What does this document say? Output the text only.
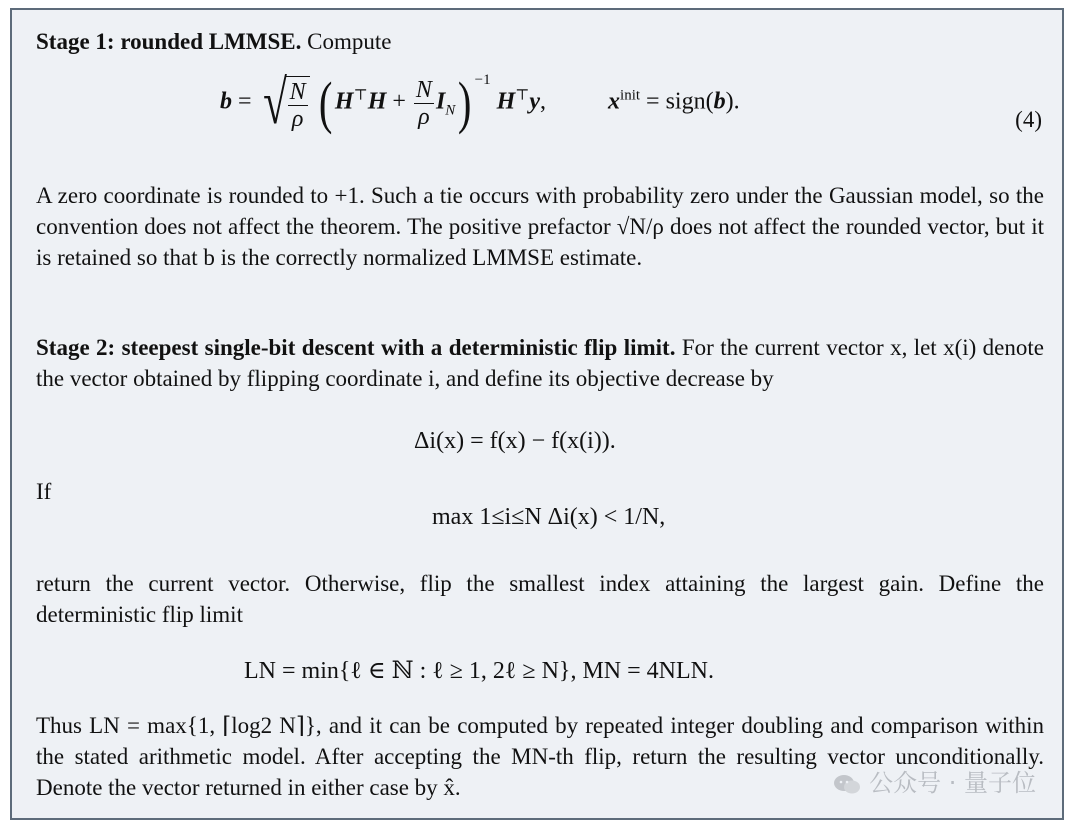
Stage 1: rounded LMMSE. Compute

b = √ $\frac{N}{\rho}$ ( $H^⊤H + \frac{N}{\rho} I_N$) $^{-1}$ H⊤y,  $x^{init}$ = sign(b).
(4)

A zero coordinate is rounded to +1. Such a tie occurs with probability zero under the Gaussian model, so the convention does not affect the theorem. The positive prefactor √N/ρ does not affect the rounded vector, but it is retained so that b is the correctly normalized LMMSE estimate.

Stage 2: steepest single-bit descent with a deterministic flip limit. For the current vector x, let x(i) denote the vector obtained by flipping coordinate i, and define its objective decrease by

Δi(x) = f(x) − f(x(i)).

If

max 1≤i≤N Δi(x) < 1/N,

return the current vector. Otherwise, flip the smallest index attaining the largest gain. Define the deterministic flip limit

LN = min{ℓ ∈ ℕ : ℓ ≥ 1, 2ℓ ≥ N}, MN = 4NLN.

Thus LN = max{1, ⌈log2 N⌉}, and it can be computed by repeated integer doubling and comparison within the stated arithmetic model. After accepting the MN-th flip, return the resulting vector unconditionally. Denote the vector returned in either case by x̂.	公众号 · 量子位
